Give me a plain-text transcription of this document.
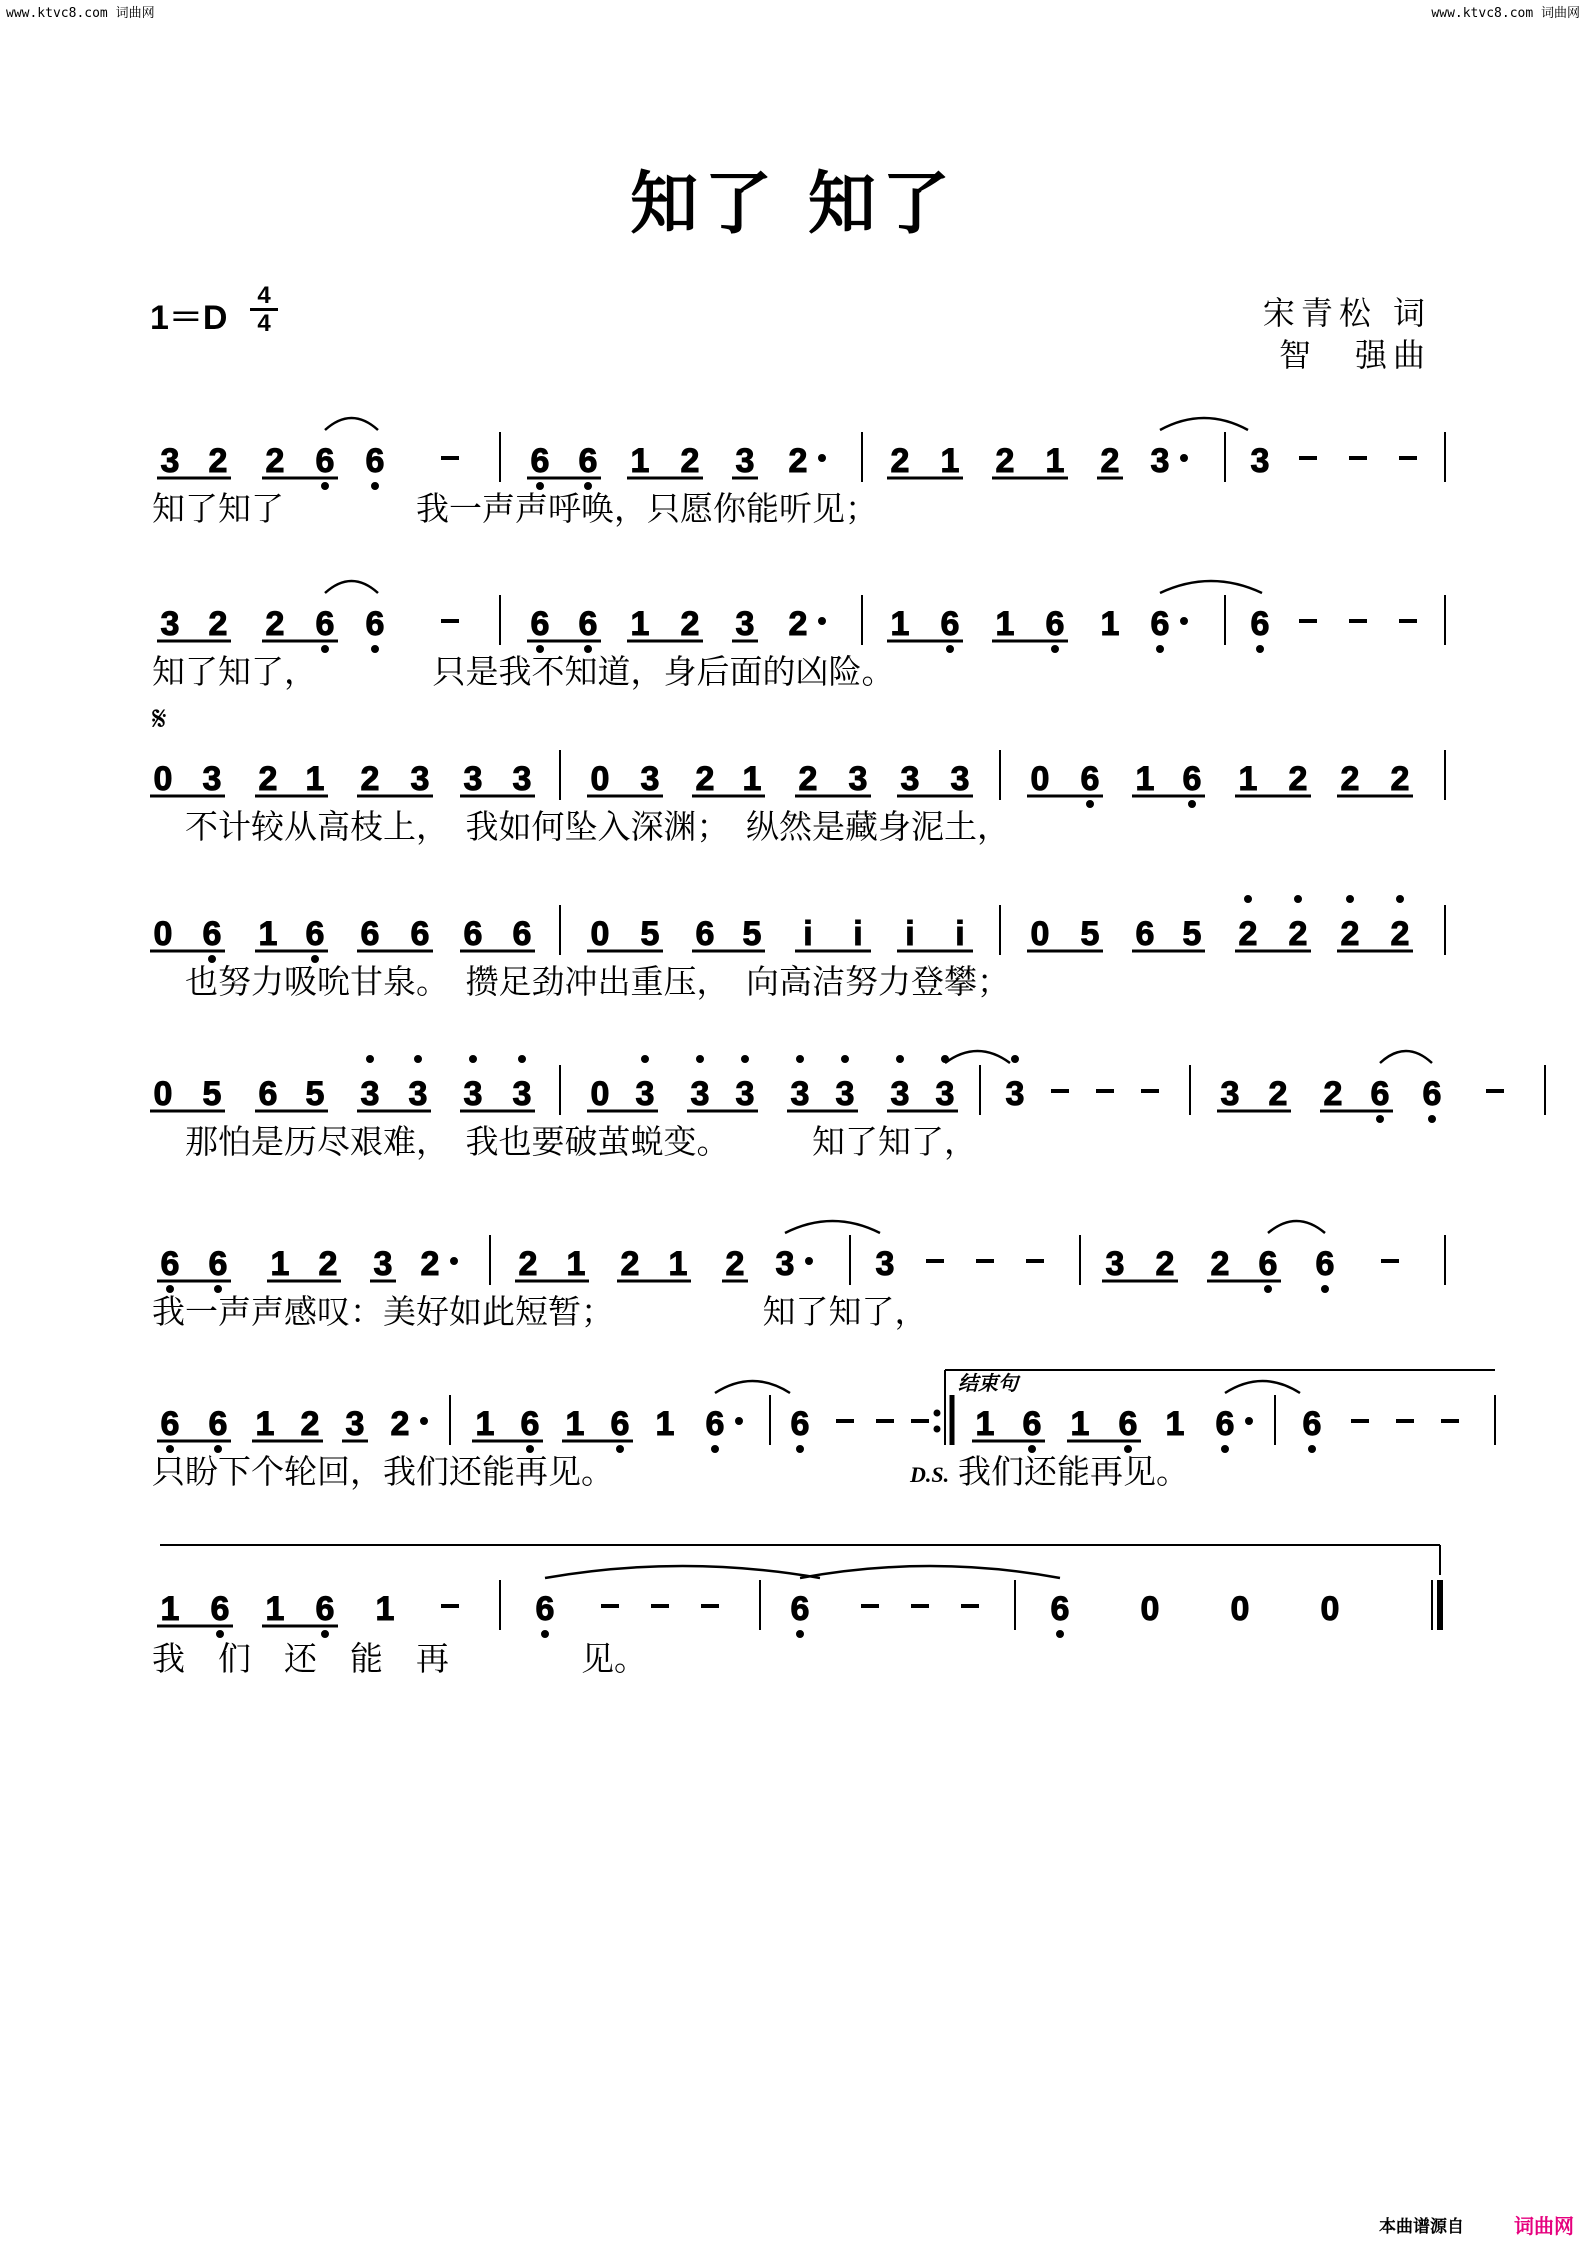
www.ktvc8.com 词曲网	www.ktvc8.com 词曲网
知了 知了
1＝D
4
4	宋青松 词
智　强曲
3 2 2 6 6	6 6 1 2 3 2 2 1 2 1 2 3 3
3 2 2 6 6	6 6 1 2 3 2 1 6 1 6 1 6 6
0 3 2 1 2 3 3 3 0 3 2 1 2 3 3 3 0 6 1 6 1 2 2 2
0 6 1 6 6 6 6 6 0 5 6 5 i i i i 0 5 6 5 2 2 2 2
0 5 6 5 3 3 3 3 0 3 3 3 3 3 3 3 3	3 2 2 6 6
6 6 1 2 3 2 2 1 2 1 2 3 3	3 2 2 6 6
6 6 1 2 3 2 1 6 1 6 1 6 6	1 6 1 6 1 6 6
1 6 1 6 1	6	6	6 0 0 0
𝄋
结束句
D.S.
知了知了　　　　我一声声呼唤，只愿你能听见；
知了知了，　　　　只是我不知道，身后面的凶险。
　不计较从高枝上，　我如何坠入深渊；　纵然是藏身泥土，
　也努力吸吮甘泉。　攒足劲冲出重压，　向高洁努力登攀；
　那怕是历尽艰难，　我也要破茧蜕变。　　　知了知了，
我一声声感叹：美好如此短暂；　　　　　知了知了，
只盼下个轮回，我们还能再见。	我们还能再见。
我　们　还　能　再　　　　见。
本曲谱源自	词曲网
